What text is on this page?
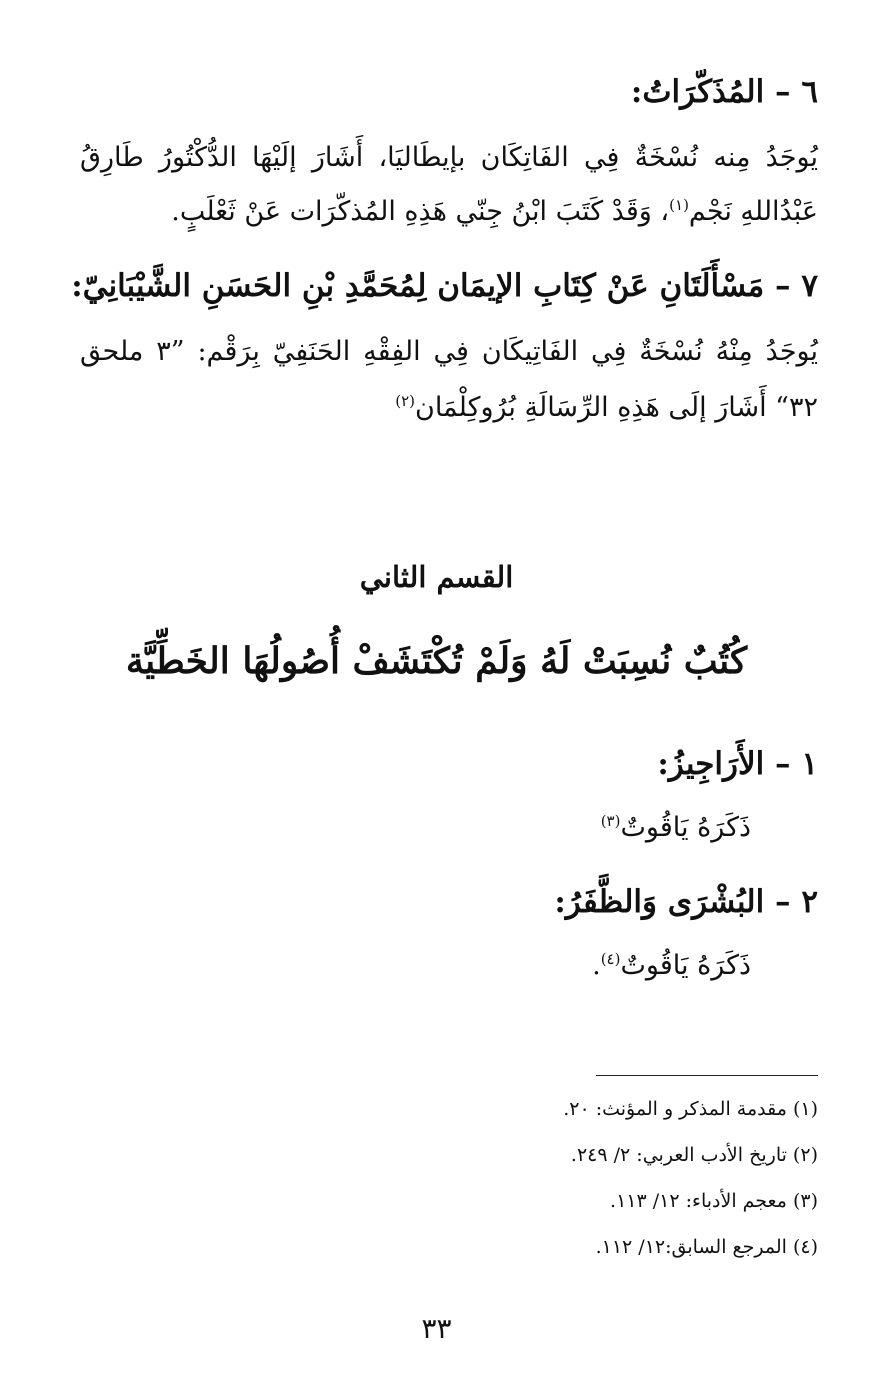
٦ – المُذَكّرَاتُ:
يُوجَدُ مِنه نُسْخَةٌ فِي الفَاتِكَان بإيطَاليَا، أَشَارَ إلَيْهَا الدُّكْتُورُ طَارِقُ
عَبْدُاللهِ نَجْم$^{(١)}$، وَقَدْ كَتَبَ ابْنُ جِنّي هَذِهِ المُذكّرَات عَنْ ثَعْلَبٍ.
٧ – مَسْأَلَتَانِ عَنْ كِتَابِ الإيمَان لِمُحَمَّدِ بْنِ الحَسَنِ الشَّيْبَانِيّ:
يُوجَدُ مِنْهُ نُسْخَةٌ فِي الفَاتِيكَان فِي الفِقْهِ الحَنَفِيّ بِرَقْم: ”٣ ملحق
٣٢“ أَشَارَ إلَى هَذِهِ الرِّسَالَةِ بُرُوكِلْمَان$^{(٢)}$
القسم الثاني
كُتُبٌ نُسِبَتْ لَهُ وَلَمْ تُكْتَشَفْ أُصُولُهَا الخَطِّيَّة
١ – الأَرَاجِيزُ:
ذَكَرَهُ يَاقُوتٌ$^{(٣)}$
٢ – البُشْرَى وَالظَّفَرُ:
ذَكَرَهُ يَاقُوتٌ$^{(٤)}$.
(١) مقدمة المذكر و المؤنث: ٢٠.
(٢) تاريخ الأدب العربي: ٢/ ٢٤٩.
(٣) معجم الأدباء: ١٢/ ١١٣.
(٤) المرجع السابق:١٢/ ١١٢.
٣٣
